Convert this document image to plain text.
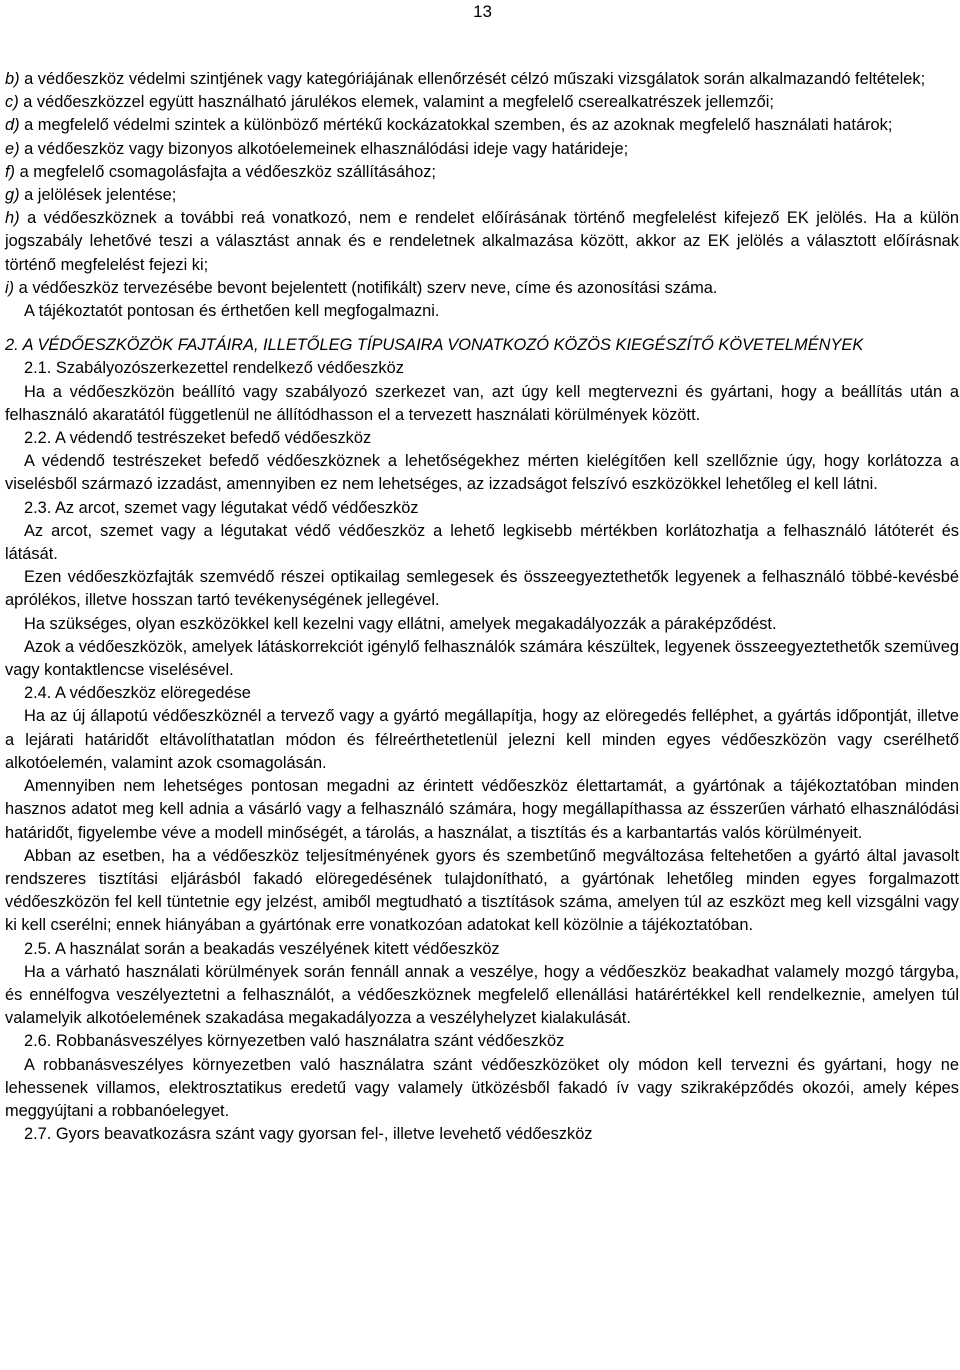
13

b) a védőeszköz védelmi szintjének vagy kategóriájának ellenőrzését célzó műszaki vizsgálatok során alkalmazandó feltételek;

c) a védőeszközzel együtt használható járulékos elemek, valamint a megfelelő cserealkatrészek jellemzői;

d) a megfelelő védelmi szintek a különböző mértékű kockázatokkal szemben, és az azoknak megfelelő használati határok;

e) a védőeszköz vagy bizonyos alkotóelemeinek elhasználódási ideje vagy határideje;

f) a megfelelő csomagolásfajta a védőeszköz szállításához;

g) a jelölések jelentése;

h) a védőeszköznek a további reá vonatkozó, nem e rendelet előírásának történő megfelelést kifejező EK jelölés. Ha a külön jogszabály lehetővé teszi a választást annak és e rendeletnek alkalmazása között, akkor az EK jelölés a választott előírásnak történő megfelelést fejezi ki;

i) a védőeszköz tervezésébe bevont bejelentett (notifikált) szerv neve, címe és azonosítási száma.

A tájékoztatót pontosan és érthetően kell megfogalmazni.

2. A VÉDŐESZKÖZÖK FAJTÁIRA, ILLETŐLEG TÍPUSAIRA VONATKOZÓ KÖZÖS KIEGÉSZÍTŐ KÖVETELMÉNYEK

2.1. Szabályozószerkezettel rendelkező védőeszköz

Ha a védőeszközön beállító vagy szabályozó szerkezet van, azt úgy kell megtervezni és gyártani, hogy a beállítás után a felhasználó akaratától függetlenül ne állítódhasson el a tervezett használati körülmények között.

2.2. A védendő testrészeket befedő védőeszköz

A védendő testrészeket befedő védőeszköznek a lehetőségekhez mérten kielégítően kell szellőznie úgy, hogy korlátozza a viselésből származó izzadást, amennyiben ez nem lehetséges, az izzadságot felszívó eszközökkel lehetőleg el kell látni.

2.3. Az arcot, szemet vagy légutakat védő védőeszköz

Az arcot, szemet vagy a légutakat védő védőeszköz a lehető legkisebb mértékben korlátozhatja a felhasználó látóterét és látását.

Ezen védőeszközfajták szemvédő részei optikailag semlegesek és összeegyeztethetők legyenek a felhasználó többé-kevésbé aprólékos, illetve hosszan tartó tevékenységének jellegével.

Ha szükséges, olyan eszközökkel kell kezelni vagy ellátni, amelyek megakadályozzák a páraképződést.

Azok a védőeszközök, amelyek látáskorrekciót igénylő felhasználók számára készültek, legyenek összeegyeztethetők szemüveg vagy kontaktlencse viselésével.

2.4. A védőeszköz elöregedése

Ha az új állapotú védőeszköznél a tervező vagy a gyártó megállapítja, hogy az elöregedés felléphet, a gyártás időpontját, illetve a lejárati határidőt eltávolíthatatlan módon és félreérthetetlenül jelezni kell minden egyes védőeszközön vagy cserélhető alkotóelemén, valamint azok csomagolásán.

Amennyiben nem lehetséges pontosan megadni az érintett védőeszköz élettartamát, a gyártónak a tájékoztatóban minden hasznos adatot meg kell adnia a vásárló vagy a felhasználó számára, hogy megállapíthassa az ésszerűen várható elhasználódási határidőt, figyelembe véve a modell minőségét, a tárolás, a használat, a tisztítás és a karbantartás valós körülményeit.

Abban az esetben, ha a védőeszköz teljesítményének gyors és szembetűnő megváltozása feltehetően a gyártó által javasolt rendszeres tisztítási eljárásból fakadó elöregedésének tulajdonítható, a gyártónak lehetőleg minden egyes forgalmazott védőeszközön fel kell tüntetnie egy jelzést, amiből megtudható a tisztítások száma, amelyen túl az eszközt meg kell vizsgálni vagy ki kell cserélni; ennek hiányában a gyártónak erre vonatkozóan adatokat kell közölnie a tájékoztatóban.

2.5. A használat során a beakadás veszélyének kitett védőeszköz

Ha a várható használati körülmények során fennáll annak a veszélye, hogy a védőeszköz beakadhat valamely mozgó tárgyba, és ennélfogva veszélyeztetni a felhasználót, a védőeszköznek megfelelő ellenállási határértékkel kell rendelkeznie, amelyen túl valamelyik alkotóelemének szakadása megakadályozza a veszélyhelyzet kialakulását.

2.6. Robbanásveszélyes környezetben való használatra szánt védőeszköz

A robbanásveszélyes környezetben való használatra szánt védőeszközöket oly módon kell tervezni és gyártani, hogy ne lehessenek villamos, elektrosztatikus eredetű vagy valamely ütközésből fakadó ív vagy szikraképződés okozói, amely képes meggyújtani a robbanóelegyet.

2.7. Gyors beavatkozásra szánt vagy gyorsan fel-, illetve levehető védőeszköz
